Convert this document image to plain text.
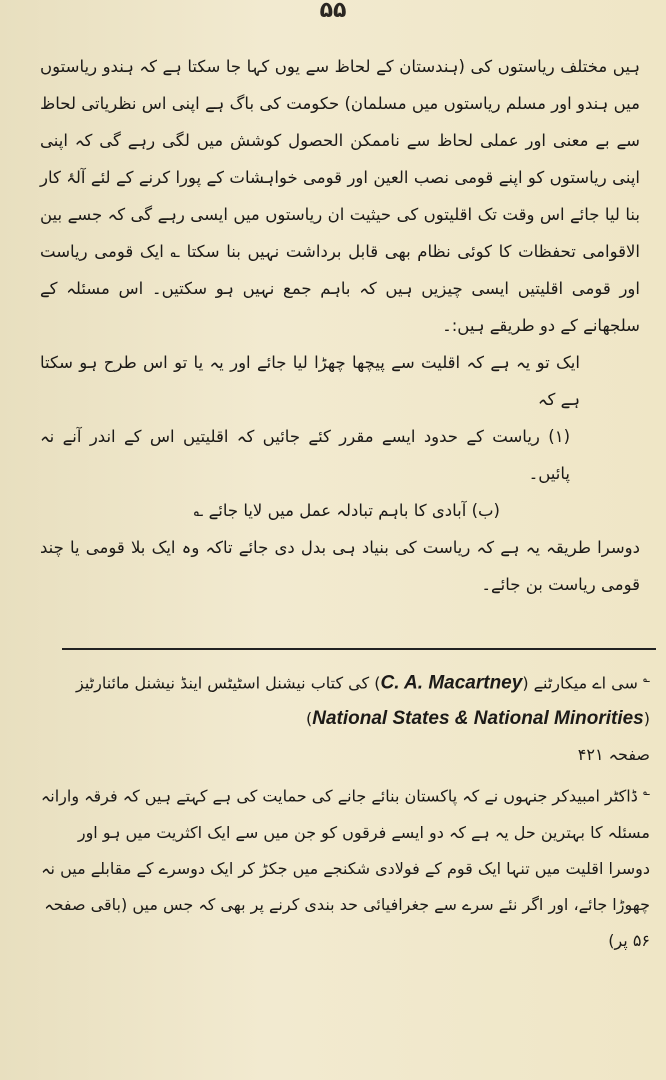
۵۵

ہیں مختلف ریاستوں کی (ہندستان کے لحاظ سے یوں کہا جا سکتا ہے کہ ہندو ریاستوں میں ہندو اور مسلم ریاستوں میں مسلمان) حکومت کی باگ ہے اپنی اس نظریاتی لحاظ سے بے معنی اور عملی لحاظ سے ناممکن الحصول کوشش میں لگی رہے گی کہ اپنی اپنی ریاستوں کو اپنے قومی نصب العین اور قومی خواہشات کے پورا کرنے کے لئے آلۂ کار بنا لیا جائے اس وقت تک اقلیتوں کی حیثیت ان ریاستوں میں ایسی رہے گی کہ جسے بین الاقوامی تحفظات کا کوئی نظام بھی قابل برداشت نہیں بنا سکتا ؎ ایک قومی ریاست اور قومی اقلیتیں ایسی چیزیں ہیں کہ باہم جمع نہیں ہو سکتیں۔ اس مسئلہ کے سلجھانے کے دو طریقے ہیں:۔

ایک تو یہ ہے کہ اقلیت سے پیچھا چھڑا لیا جائے اور یہ یا تو اس طرح ہو سکتا ہے کہ

(۱) ریاست کے حدود ایسے مقرر کئے جائیں کہ اقلیتیں اس کے اندر آنے نہ پائیں۔

(ب) آبادی کا باہم تبادلہ عمل میں لایا جائے ؎

دوسرا طریقہ یہ ہے کہ ریاست کی بنیاد ہی بدل دی جائے تاکہ وہ ایک بلا قومی یا چند قومی ریاست بن جائے۔

؎ سی اے میکارٹنے (C. A. Macartney) کی کتاب نیشنل اسٹیٹس اینڈ نیشنل مائنارٹیز (National States & National Minorities)

صفحہ ۴۲۱

؎ ڈاکٹر امبیدکر جنہوں نے کہ پاکستان بنائے جانے کی حمایت کی ہے کہتے ہیں کہ فرقہ وارانہ مسئلہ کا بہترین حل یہ ہے کہ دو ایسے فرقوں کو جن میں سے ایک اکثریت میں ہو اور دوسرا اقلیت میں تنہا ایک قوم کے فولادی شکنجے میں جکڑ کر ایک دوسرے کے مقابلے میں نہ چھوڑا جائے، اور اگر نئے سرے سے جغرافیائی حد بندی کرنے پر بھی کہ جس میں (باقی صفحہ ۵۶ پر)
